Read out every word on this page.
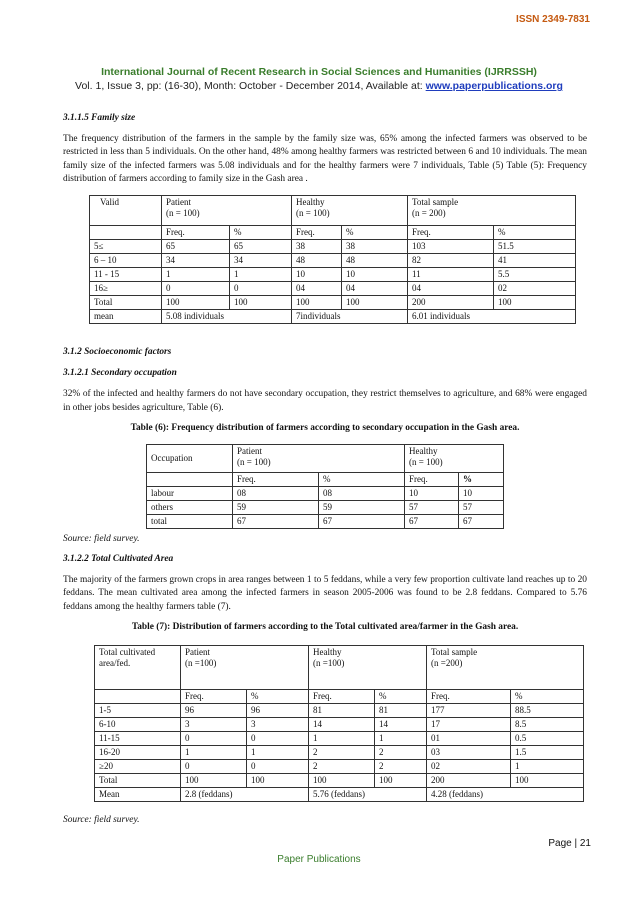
ISSN 2349-7831
International Journal of Recent Research in Social Sciences and Humanities (IJRRSSH)
Vol. 1, Issue 3, pp: (16-30), Month: October - December 2014, Available at: www.paperpublications.org
3.1.1.5 Family size

The frequency distribution of the farmers in the sample by the family size was, 65% among the infected farmers was observed to be restricted in less than 5 individuals. On the other hand, 48% among healthy farmers was restricted between 6 and 10 individuals. The mean family size of the infected farmers was 5.08 individuals and for the healthy farmers were 7 individuals, Table (5) Table (5): Frequency distribution of farmers according to family size in the Gash area .

Valid	Patient
(n = 100)		Healthy
(n = 100)		Total sample
(n = 200)	
	Freq.	%	Freq.	%	Freq.	%
5≤	65	65	38	38	103	51.5
6 – 10	34	34	48	48	82	41
11 - 15	1	1	10	10	11	5.5
16≥	0	0	04	04	04	02
Total	100	100	100	100	200	100
mean	5.08 individuals		7individuals		6.01 individuals	
3.1.2 Socioeconomic factors
3.1.2.1 Secondary occupation

32% of the infected and healthy farmers do not have secondary occupation, they restrict themselves to agriculture, and 68% were engaged in other jobs besides agriculture, Table (6).

Table (6): Frequency distribution of farmers according to secondary occupation in the Gash area.
Occupation	Patient
(n = 100)		Healthy
(n = 100)	
	Freq.	%	Freq.	%
labour	08	08	10	10
others	59	59	57	57
total	67	67	67	67
Source: field survey.
3.1.2.2 Total Cultivated Area

The majority of the farmers grown crops in area ranges between 1 to 5 feddans, while a very few proportion cultivate land reaches up to 20 feddans. The mean cultivated area among the infected farmers in season 2005-2006 was found to be 2.8 feddans. Compared to 5.76 feddans among the healthy farmers table (7).

Table (7): Distribution of farmers according to the Total cultivated area/farmer in the Gash area.
Total cultivated
area/fed.	Patient
(n =100)		Healthy
(n =100)		Total sample
(n =200)	
	Freq.	%	Freq.	%	Freq.	%
1-5	96	96	81	81	177	88.5
6-10	3	3	14	14	17	8.5
11-15	0	0	1	1	01	0.5
16-20	1	1	2	2	03	1.5
≥20	0	0	2	2	02	1
Total	100	100	100	100	200	100
Mean	2.8 (feddans)		5.76 (feddans)		4.28 (feddans)	
Source: field survey.
Page | 21
Paper Publications
